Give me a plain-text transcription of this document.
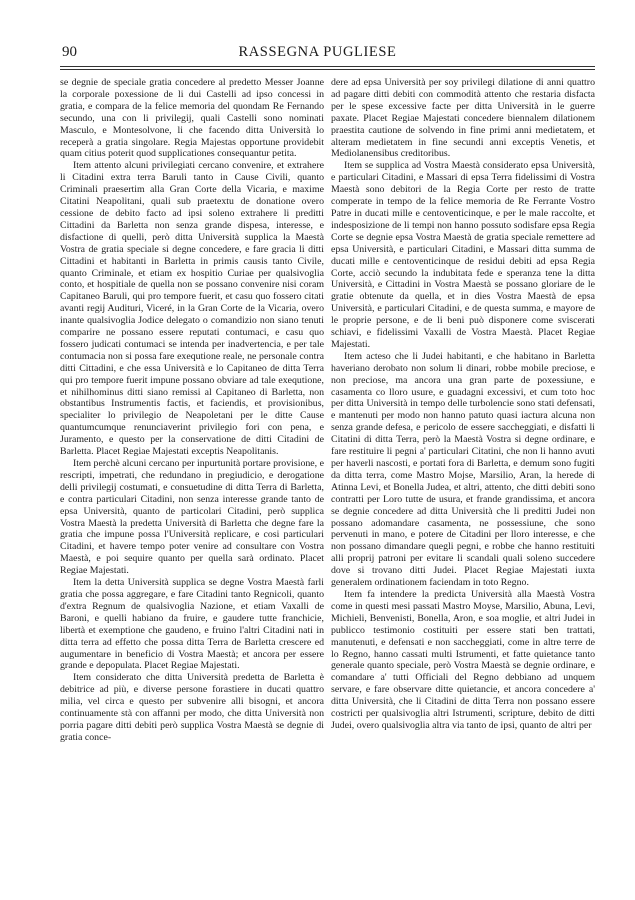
90	RASSEGNA PUGLIESE

se degnie de speciale gratia concedere al predetto Messer Joanne la corporale poxessione de li dui Castelli ad ipso concessi in gratia, e compara de la felice memoria del quondam Re Fernando secundo, una con li privilegij, quali Castelli sono nominati Masculo, e Montesolvone, li che facendo ditta Università lo receperà a gratia singolare. Regia Majestas opportune providebit quam citius poterit quod supplicationes consequantur petita.

Item attento alcuni privilegiati cercano convenire, et extrahere li Citadini extra terra Baruli tanto in Cause Civili, quanto Criminali praesertim alla Gran Corte della Vicaria, e maxime Citatini Neapolitani, quali sub praetextu de donatione overo cessione de debito facto ad ipsi soleno extrahere li preditti Cittadini da Barletta non senza grande dispesa, interesse, e disfactione di quelli, però ditta Università supplica la Maestà Vostra de gratia speciale si degne concedere, e fare gracia li ditti Cittadini et habitanti in Barletta in primis causis tanto Civile, quanto Criminale, et etiam ex hospitio Curiae per qualsivoglia conto, et hospitiale de quella non se possano convenire nisi coram Capitaneo Baruli, qui pro tempore fuerit, et casu quo fossero citati avanti regij Audituri, Viceré, in la Gran Corte de la Vicaria, overo inante qualsivoglia Jodice delegato o comandizio non siano tenuti comparire ne possano essere reputati contumaci, e casu quo fossero judicati contumaci se intenda per inadvertencia, e per tale contumacia non si possa fare exequtione reale, ne personale contra ditti Cittadini, e che essa Università e lo Capitaneo de ditta Terra qui pro tempore fuerit impune possano obviare ad tale exequtione, et nihilhominus ditti siano remissi al Capitaneo di Barletta, non obstantibus Instrumentis factis, et faciendis, et provisionibus, specialiter lo privilegio de Neapoletani per le ditte Cause quantumcumque renunciaverint privilegio fori con pena, e Juramento, e questo per la conservatione de ditti Citadini de Barletta. Placet Regiae Majestati exceptis Neapolitanis.

Item perchè alcuni cercano per inpurtunità portare provisione, e rescripti, impetrati, che redundano in pregiudicio, e derogatione delli privilegij costumati, e consuetudine di ditta Terra di Barletta, e contra particulari Citadini, non senza interesse grande tanto de epsa Università, quanto de particolari Citadini, però supplica Vostra Maestà la predetta Università di Barletta che degne fare la gratia che impune possa l'Università replicare, e cosi particulari Citadini, et havere tempo poter venire ad consultare con Vostra Maestà, e poi sequire quanto per quella sarà ordinato. Placet Regiae Majestati.

Item la detta Università supplica se degne Vostra Maestà farli gratia che possa aggregare, e fare Citadini tanto Regnicoli, quanto d'extra Regnum de qualsivoglia Nazione, et etiam Vaxalli de Baroni, e quelli habiano da fruire, e gaudere tutte franchicie, libertà et exemptione che gaudeno, e fruino l'altri Citadini nati in ditta terra ad effetto che possa ditta Terra de Barletta crescere ed augumentare in beneficio di Vostra Maestà; et ancora per essere grande e depopulata. Placet Regiae Majestati.

Item considerato che ditta Università predetta de Barletta è debitrice ad più, e diverse persone forastiere in ducati quattro milia, vel circa e questo per subvenire alli bisogni, et ancora continuamente stà con affanni per modo, che ditta Università non porria pagare ditti debiti però supplica Vostra Maestà se degnie di gratia conce-

dere ad epsa Università per soy privilegi dilatione di anni quattro ad pagare ditti debiti con commodità attento che restaria disfacta per le spese excessive facte per ditta Università in le guerre paxate. Placet Regiae Majestati concedere biennalem dilationem praestita cautione de solvendo in fine primi anni medietatem, et alteram medietatem in fine secundi anni exceptis Venetis, et Mediolanensibus creditoribus.

Item se supplica ad Vostra Maestà considerato epsa Università, e particulari Citadini, e Massari di epsa Terra fidelissimi di Vostra Maestà sono debitori de la Regia Corte per resto de tratte comperate in tempo de la felice memoria de Re Ferrante Vostro Patre in ducati mille e centoventicinque, e per le male raccolte, et indesposizione de li tempi non hanno possuto sodisfare epsa Regia Corte se degnie epsa Vostra Maestà de gratia speciale remettere ad epsa Università, e particulari Citadini, e Massari ditta summa de ducati mille e centoventicinque de residui debiti ad epsa Regia Corte, acciò secundo la indubitata fede e speranza tene la ditta Università, e Cittadini in Vostra Maestà se possano gloriare de le gratie obtenute da quella, et in dies Vostra Maestà de epsa Università, e particulari Citadini, e de questa summa, e mayore de le proprie persone, e de li beni può disponere come sviscerati schiavi, e fidelissimi Vaxalli de Vostra Maestà. Placet Regiae Majestati.

Item acteso che li Judei habitanti, e che habitano in Barletta haveriano derobato non solum li dinari, robbe mobile preciose, e non preciose, ma ancora una gran parte de poxessiune, e casamenta co lloro usure, e guadagni excessivi, et cum toto hoc per ditta Università in tempo delle turbolencie sono stati defensati, e mantenuti per modo non hanno patuto quasi iactura alcuna non senza grande defesa, e pericolo de essere saccheggiati, e disfatti li Citatini di ditta Terra, però la Maestà Vostra si degne ordinare, e fare restituire li pegni a' particulari Citatini, che non li hanno avuti per haverli nascosti, e portati fora di Barletta, e demum sono fugiti da ditta terra, come Mastro Mojse, Marsilio, Aran, la herede di Atinna Levi, et Bonella Judea, et altri, attento, che ditti debiti sono contratti per Loro tutte de usura, et frande grandissima, et ancora se degnie concedere ad ditta Università che li preditti Judei non possano adomandare casamenta, ne possessiune, che sono pervenuti in mano, e potere de Citadini per lloro interesse, e che non possano dimandare quegli pegni, e robbe che hanno restituiti alli proprij patroni per evitare li scandali quali soleno succedere dove si trovano ditti Judei. Placet Regiae Majestati iuxta generalem ordinationem faciendam in toto Regno.

Item fa intendere la predicta Università alla Maestà Vostra come in questi mesi passati Mastro Moyse, Marsilio, Abuna, Levi, Michieli, Benvenisti, Bonella, Aron, e soa moglie, et altri Judei in publicco testimonio costituiti per essere stati ben trattati, manutenuti, e defensati e non saccheggiati, come in altre terre de lo Regno, hanno cassati multi Istrumenti, et fatte quietance tanto generale quanto speciale, però Vostra Maestà se degnie ordinare, e comandare a' tutti Officiali del Regno debbiano ad unquem servare, e fare observare ditte quietancie, et ancora concedere a' ditta Università, che li Citadini de ditta Terra non possano essere costricti per qualsivoglia altri Istrumenti, scripture, debito de ditti Judei, overo qualsivoglia altra via tanto de ipsi, quanto de altri per
